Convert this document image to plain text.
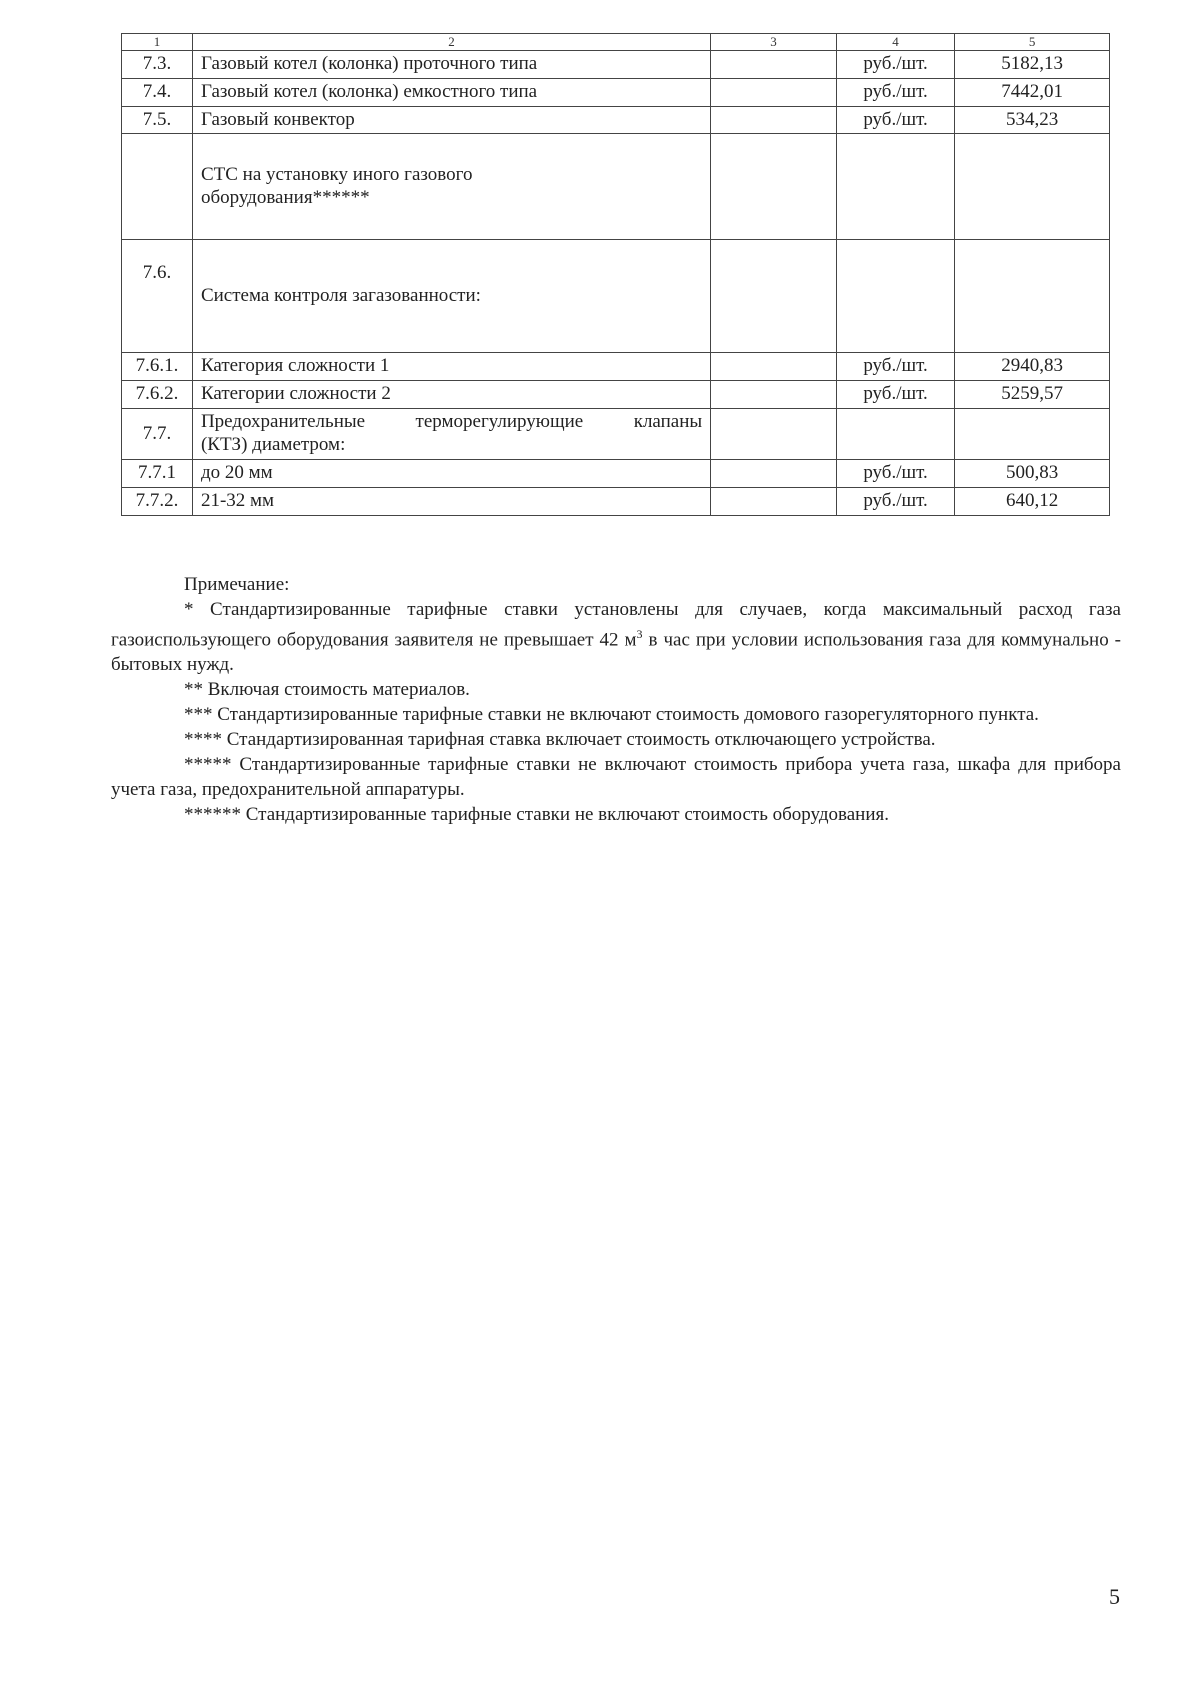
1	2	3	4	5
7.3.	Газовый котел (колонка) проточного типа		руб./шт.	5182,13
7.4.	Газовый котел (колонка) емкостного типа		руб./шт.	7442,01
7.5.	Газовый конвектор		руб./шт.	534,23

	СТС на установку иного газового
оборудования******			

7.6.	Система контроля загазованности:			
7.6.1.	Категория сложности 1		руб./шт.	2940,83
7.6.2.	Категории сложности 2		руб./шт.	5259,57
7.7.	Предохранительные терморегулирующие клапаны
(КТЗ) диаметром:			

7.7.1	до 20 мм		руб./шт.	500,83
7.7.2.	21-32 мм		руб./шт.	640,12

Примечание:

* Стандартизированные тарифные ставки установлены для случаев, когда максимальный расход газа газоиспользующего оборудования заявителя не превышает 42 $м^3$ в час при условии использования газа для коммунально - бытовых нужд.

** Включая стоимость материалов.

*** Стандартизированные тарифные ставки не включают стоимость домового газорегуляторного пункта.

**** Стандартизированная тарифная ставка включает стоимость отключающего устройства.

***** Стандартизированные тарифные ставки не включают стоимость прибора учета газа, шкафа для прибора учета газа, предохранительной аппаратуры.

****** Стандартизированные тарифные ставки не включают стоимость оборудования.

5
